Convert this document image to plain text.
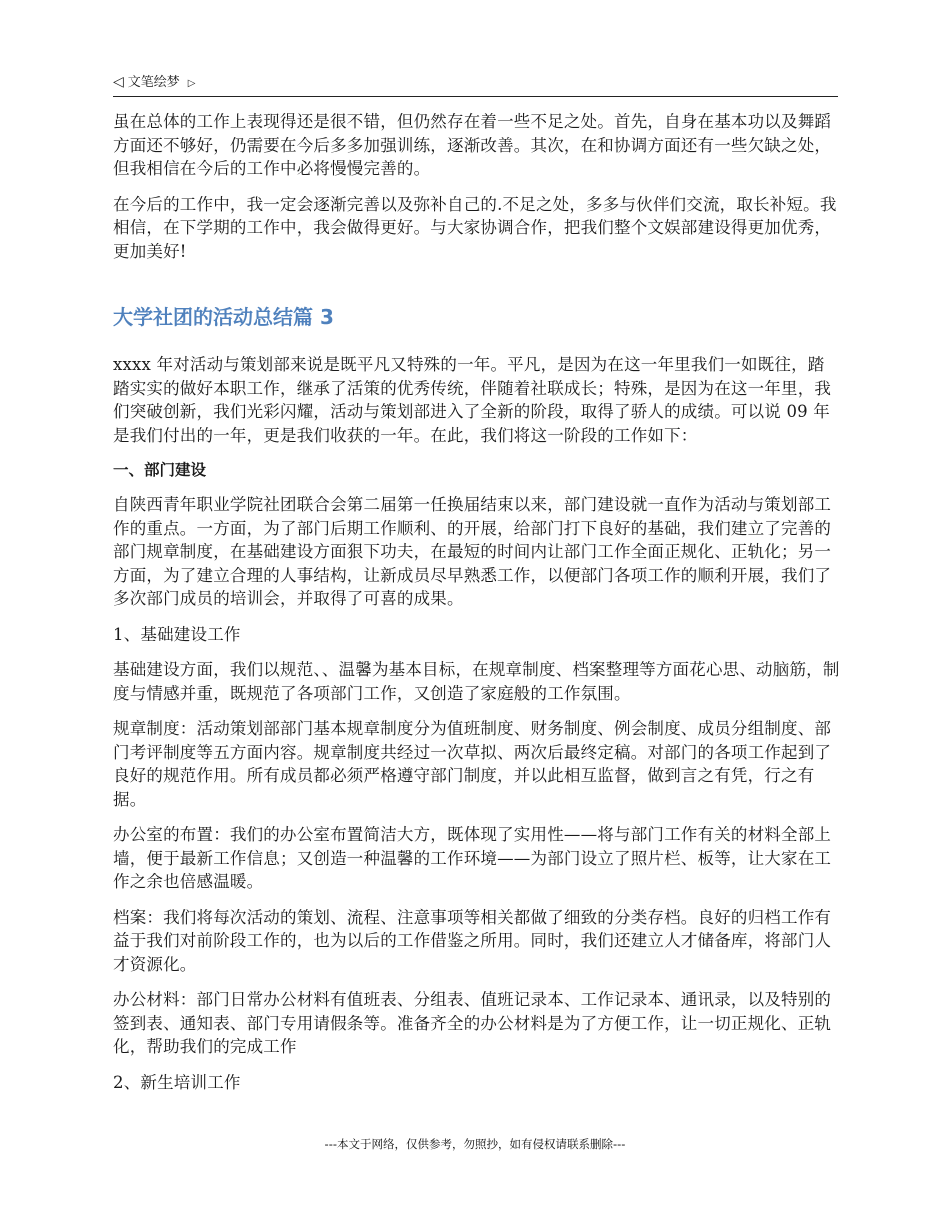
◁ 文笔绘梦 ▷

虽在总体的工作上表现得还是很不错，但仍然存在着一些不足之处。首先，自身在基本功以及舞蹈方面还不够好，仍需要在今后多多加强训练，逐渐改善。其次，在和协调方面还有一些欠缺之处，但我相信在今后的工作中必将慢慢完善的。

在今后的工作中，我一定会逐渐完善以及弥补自己的.不足之处，多多与伙伴们交流，取长补短。我相信，在下学期的工作中，我会做得更好。与大家协调合作，把我们整个文娱部建设得更加优秀，更加美好!

大学社团的活动总结篇 3

xxxx 年对活动与策划部来说是既平凡又特殊的一年。平凡，是因为在这一年里我们一如既往，踏踏实实的做好本职工作，继承了活策的优秀传统，伴随着社联成长；特殊，是因为在这一年里，我们突破创新，我们光彩闪耀，活动与策划部进入了全新的阶段，取得了骄人的成绩。可以说 09 年是我们付出的一年，更是我们收获的一年。在此，我们将这一阶段的工作如下：

一、部门建设

自陕西青年职业学院社团联合会第二届第一任换届结束以来，部门建设就一直作为活动与策划部工作的重点。一方面，为了部门后期工作顺利、的开展，给部门打下良好的基础，我们建立了完善的部门规章制度，在基础建设方面狠下功夫，在最短的时间内让部门工作全面正规化、正轨化；另一方面，为了建立合理的人事结构，让新成员尽早熟悉工作，以便部门各项工作的顺利开展，我们了多次部门成员的培训会，并取得了可喜的成果。

1、基础建设工作

基础建设方面，我们以规范、、温馨为基本目标，在规章制度、档案整理等方面花心思、动脑筋，制度与情感并重，既规范了各项部门工作，又创造了家庭般的工作氛围。

规章制度：活动策划部部门基本规章制度分为值班制度、财务制度、例会制度、成员分组制度、部门考评制度等五方面内容。规章制度共经过一次草拟、两次后最终定稿。对部门的各项工作起到了良好的规范作用。所有成员都必须严格遵守部门制度，并以此相互监督，做到言之有凭，行之有据。

办公室的布置：我们的办公室布置简洁大方，既体现了实用性——将与部门工作有关的材料全部上墙，便于最新工作信息；又创造一种温馨的工作环境——为部门设立了照片栏、板等，让大家在工作之余也倍感温暖。

档案：我们将每次活动的策划、流程、注意事项等相关都做了细致的分类存档。良好的归档工作有益于我们对前阶段工作的，也为以后的工作借鉴之所用。同时，我们还建立人才储备库，将部门人才资源化。

办公材料：部门日常办公材料有值班表、分组表、值班记录本、工作记录本、通讯录，以及特别的签到表、通知表、部门专用请假条等。准备齐全的办公材料是为了方便工作，让一切正规化、正轨化，帮助我们的完成工作

2、新生培训工作

---本文于网络，仅供参考，勿照抄，如有侵权请联系删除---
